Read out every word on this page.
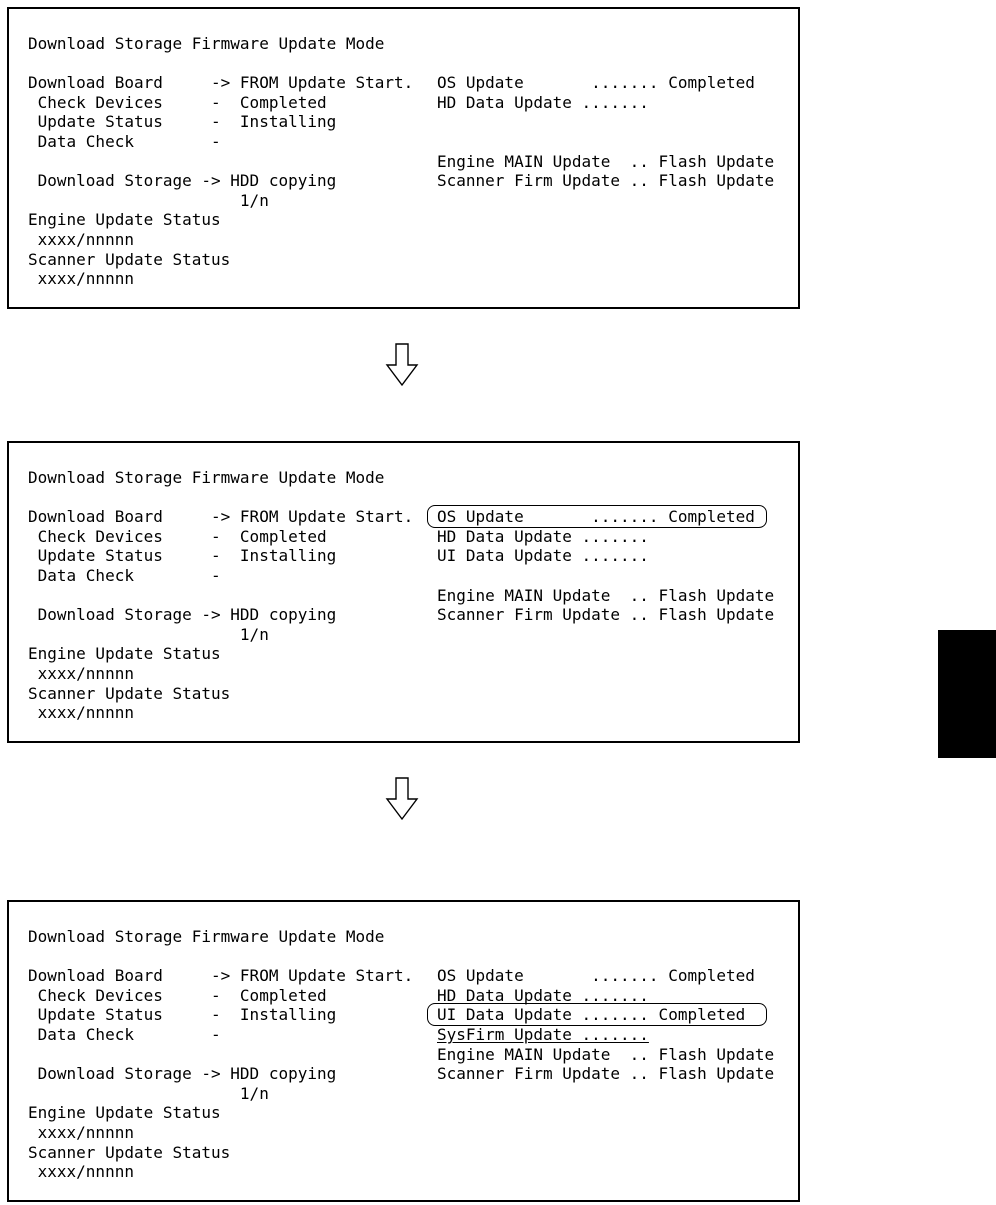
Download Storage Firmware Update Mode
Download Board     -> FROM Update Start.
Check Devices     -  Completed
Update Status     -  Installing
Data Check        -
Download Storage -> HDD copying
1/n
Engine Update Status
xxxx/nnnnn
Scanner Update Status
xxxx/nnnnn
OS Update       ....... Completed
HD Data Update .......
Engine MAIN Update  .. Flash Update
Scanner Firm Update .. Flash Update
Download Storage Firmware Update Mode
Download Board     -> FROM Update Start.
Check Devices     -  Completed
Update Status     -  Installing
Data Check        -
Download Storage -> HDD copying
1/n
Engine Update Status
xxxx/nnnnn
Scanner Update Status
xxxx/nnnnn
OS Update       ....... Completed
HD Data Update .......
UI Data Update .......
Engine MAIN Update  .. Flash Update
Scanner Firm Update .. Flash Update
Download Storage Firmware Update Mode
Download Board     -> FROM Update Start.
Check Devices     -  Completed
Update Status     -  Installing
Data Check        -
Download Storage -> HDD copying
1/n
Engine Update Status
xxxx/nnnnn
Scanner Update Status
xxxx/nnnnn
OS Update       ....... Completed
HD Data Update .......
UI Data Update ....... Completed
SysFirm Update .......
Engine MAIN Update  .. Flash Update
Scanner Firm Update .. Flash Update
